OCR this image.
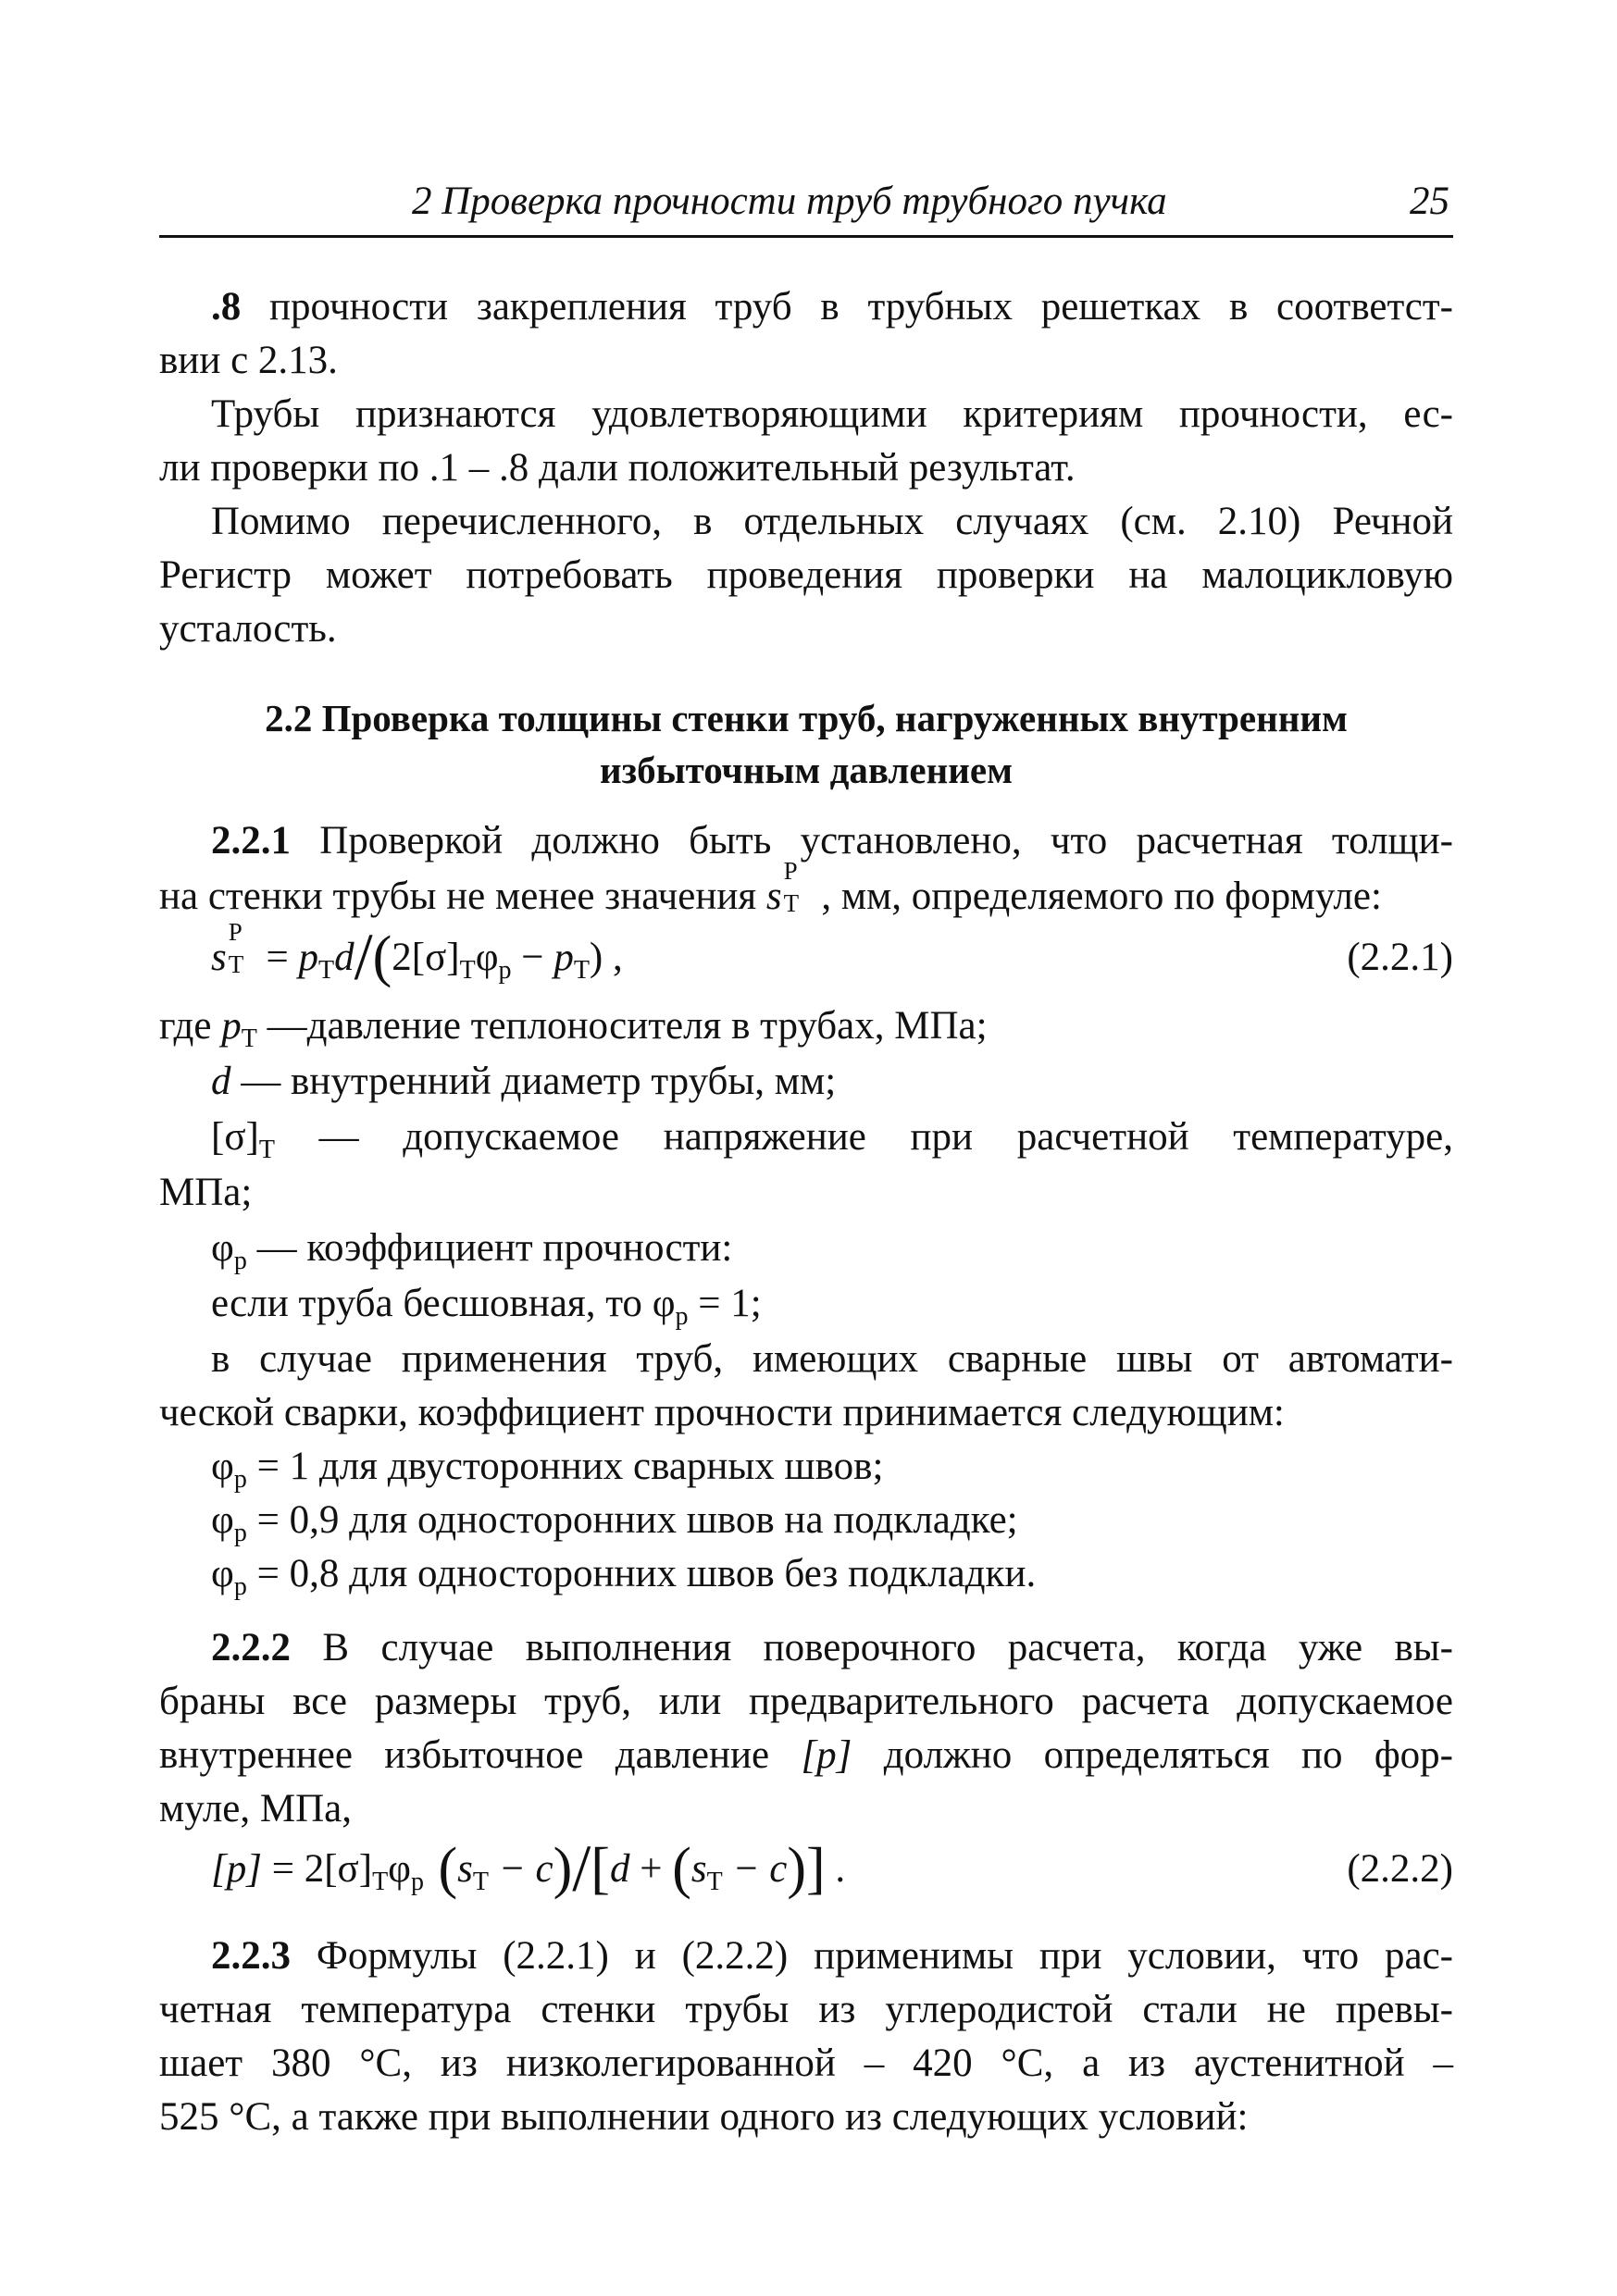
2 Проверка прочности труб трубного пучка	25
.8 прочности закрепления труб в трубных решетках в соответст-
вии с 2.13.
Трубы признаются удовлетворяющими критериям прочности, ес-
ли проверки по .1 – .8 дали положительный результат.
Помимо перечисленного, в отдельных случаях (см. 2.10) Речной
Регистр может потребовать проведения проверки на малоцикловую
усталость.
2.2 Проверка толщины стенки труб, нагруженных внутренним
избыточным давлением
2.2.1 Проверкой должно быть установлено, что расчетная толщи-
на стенки трубы не менее значения s
Р
Т , мм, определяемого по формуле:
s
Р
$Т = p_Тd/(2[\sigma]_Т\varphi_р - p_Т)$ ,	(2.2.1)
где $p_Т$ —давление теплоносителя в трубах, МПа;
d — внутренний диаметр трубы, мм;
$[\sigma]_Т$ — допускаемое напряжение при расчетной температуре,
МПа;
$\varphi_р$ — коэффициент прочности:
если труба бесшовная, то $\varphi_р = 1$;
в случае применения труб, имеющих сварные швы от автомати-
ческой сварки, коэффициент прочности принимается следующим:
$\varphi_р = 1$ для двусторонних сварных швов;
$\varphi_р = 0,9$ для односторонних швов на подкладке;
$\varphi_р = 0,8$ для односторонних швов без подкладки.
2.2.2 В случае выполнения поверочного расчета, когда уже вы-
браны все размеры труб, или предварительного расчета допускаемое
внутреннее избыточное давление [p] должно определяться по фор-
муле, МПа,
$[p] = 2[\sigma]_Т\varphi_p$ $(s_Т - c)/[d + (s_Т - c)]$ .	(2.2.2)
2.2.3 Формулы (2.2.1) и (2.2.2) применимы при условии, что рас-
четная температура стенки трубы из углеродистой стали не превы-
шает 380 °С, из низколегированной – 420 °С, а из аустенитной –
525 °С, а также при выполнении одного из следующих условий:
